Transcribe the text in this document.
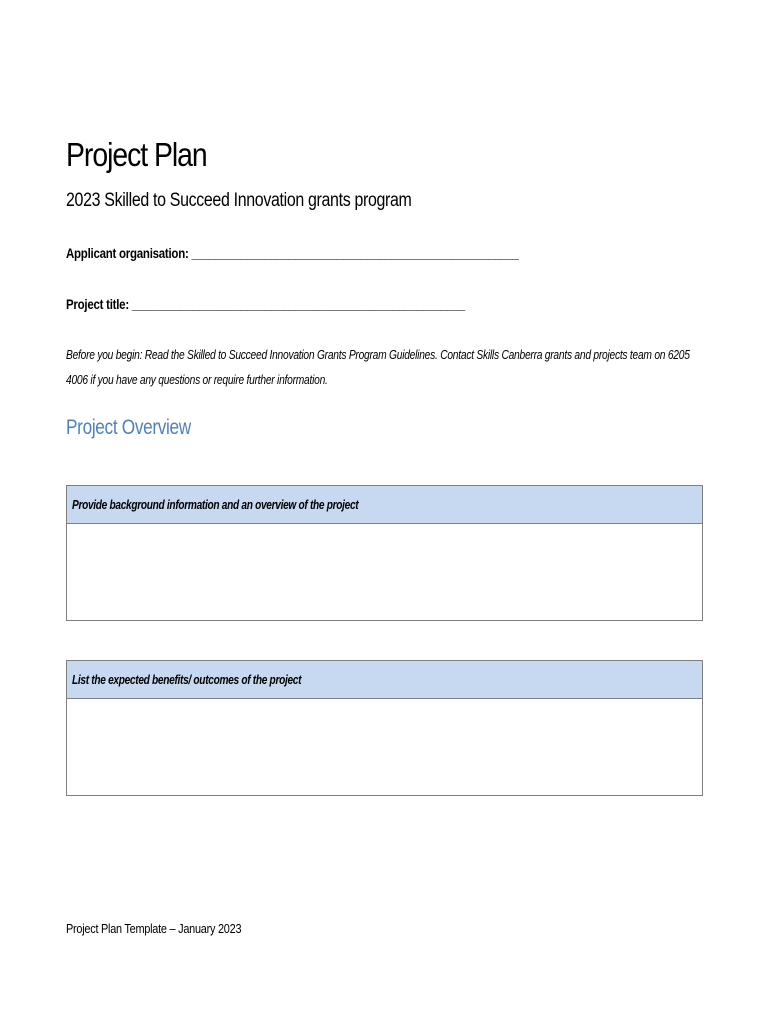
Project Plan
2023 Skilled to Succeed Innovation grants program
Applicant organisation: ______________________________________________________
Project title: _______________________________________________________
Before you begin: Read the Skilled to Succeed Innovation Grants Program Guidelines. Contact Skills Canberra grants and projects team on 6205 4006 if you have any questions or require further information.
Project Overview
Provide background information and an overview of the project
List the expected benefits/ outcomes of the project
Project Plan Template – January 2023
